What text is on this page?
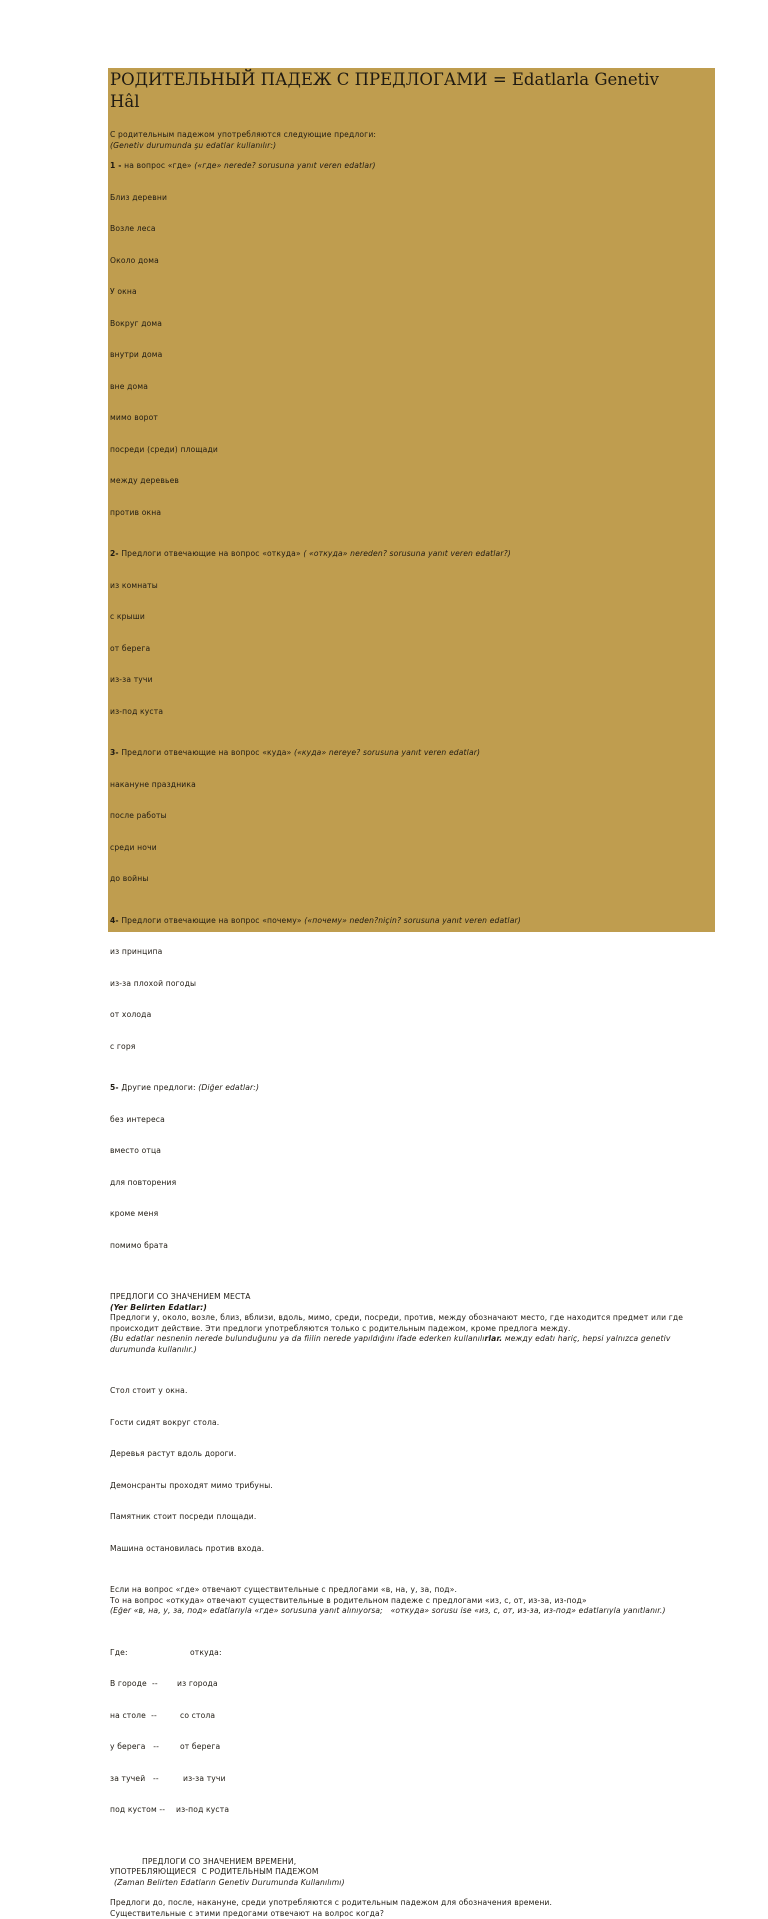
РОДИТЕЛЬНЫЙ ПАДЕЖ С ПРЕДЛОГАМИ = Edatlarla Genetiv Hâl
С родительным падежом употребляются следующие предлоги:
(Genetiv durumunda şu edatlar kullanılır:)
1 - на вопрос «где» («где» nerede? sorusuna yanıt veren edatlar)

Близ деревни

Возле леса

Около дома

У окна

Вокруг дома

внутри дома

вне дома

мимо ворот

посреди (среди) площади

между деревьев

против окна

2- Предлоги отвечающие на вопрос «откуда» ( «откуда» nereden? sorusuna yanıt veren edatlar?)

из комнаты

с крыши

от берега

из-за тучи

из-под куста

3- Предлоги отвечающие на вопрос «куда» («куда» nereye? sorusuna yanıt veren edatlar)

накануне праздника

после работы

среди ночи

до войны

4- Предлоги отвечающие на вопрос «почему» («почему» neden?niçin? sorusuna yanıt veren edatlar)

из принципа

из-за плохой погоды

от холода

с горя

5- Другие предлоги: (Diğer edatlar:)

без интереса

вместо отца

для повторения

кроме меня

помимо брата

ПРЕДЛОГИ СО ЗНАЧЕНИЕМ МЕСТА
(Yer Belirten Edatlar:)
Предлоги у, около, возле, близ, вблизи, вдоль, мимо, среди, посреди, против, между обозначают место, где находится предмет или где происходит действие. Эти предлоги употребляются только с родительным падежом, кроме предлога между.
(Bu edatlar nesnenin nerede bulunduğunu ya da fiilin nerede yapıldığını ifade ederken kullanılırlar. между edatı hariç, hepsi yalnızca genetiv durumunda kullanılır.)

Стол стоит у окна.

Гости сидят вокруг стола.

Деревья растут вдоль дороги.

Демонсранты проходят мимо трибуны.

Памятник стоит посреди площади.

Машина остановилась против входа.

Если на вопрос «где» отвечают существительные с предлогами «в, на, у, за, под».
То на вопрос «откуда» отвечают существительные в родительном падеже с предлогами «из, с, от, из-за, из-под»
(Eğer «в, на, у, за, под» edatlarıyla «где» sorusuna yanıt alınıyorsa;   «откуда» sorusu ise «из, с, от, из-за, из-под» edatlarıyla yanıtlanır.)

Где:	откуда:

В городе  --	из города

на столе  --	со стола

у берега   --	от берега

за тучей   --	из-за тучи

под кустом -- из-под куста

ПРЕДЛОГИ СО ЗНАЧЕНИЕМ ВРЕМЕНИ,
УПОТРЕБЛЯЮЩИЕСЯ  С РОДИТЕЛЬНЫМ ПАДЕЖОМ
(Zaman Belirten Edatların Genetiv Durumunda Kullanılımı)
Предлоги до, после, накануне, среди употребляются с родительным падежом для обозначения времени.
Существительные с этими предогами отвечают на волрос когда?
